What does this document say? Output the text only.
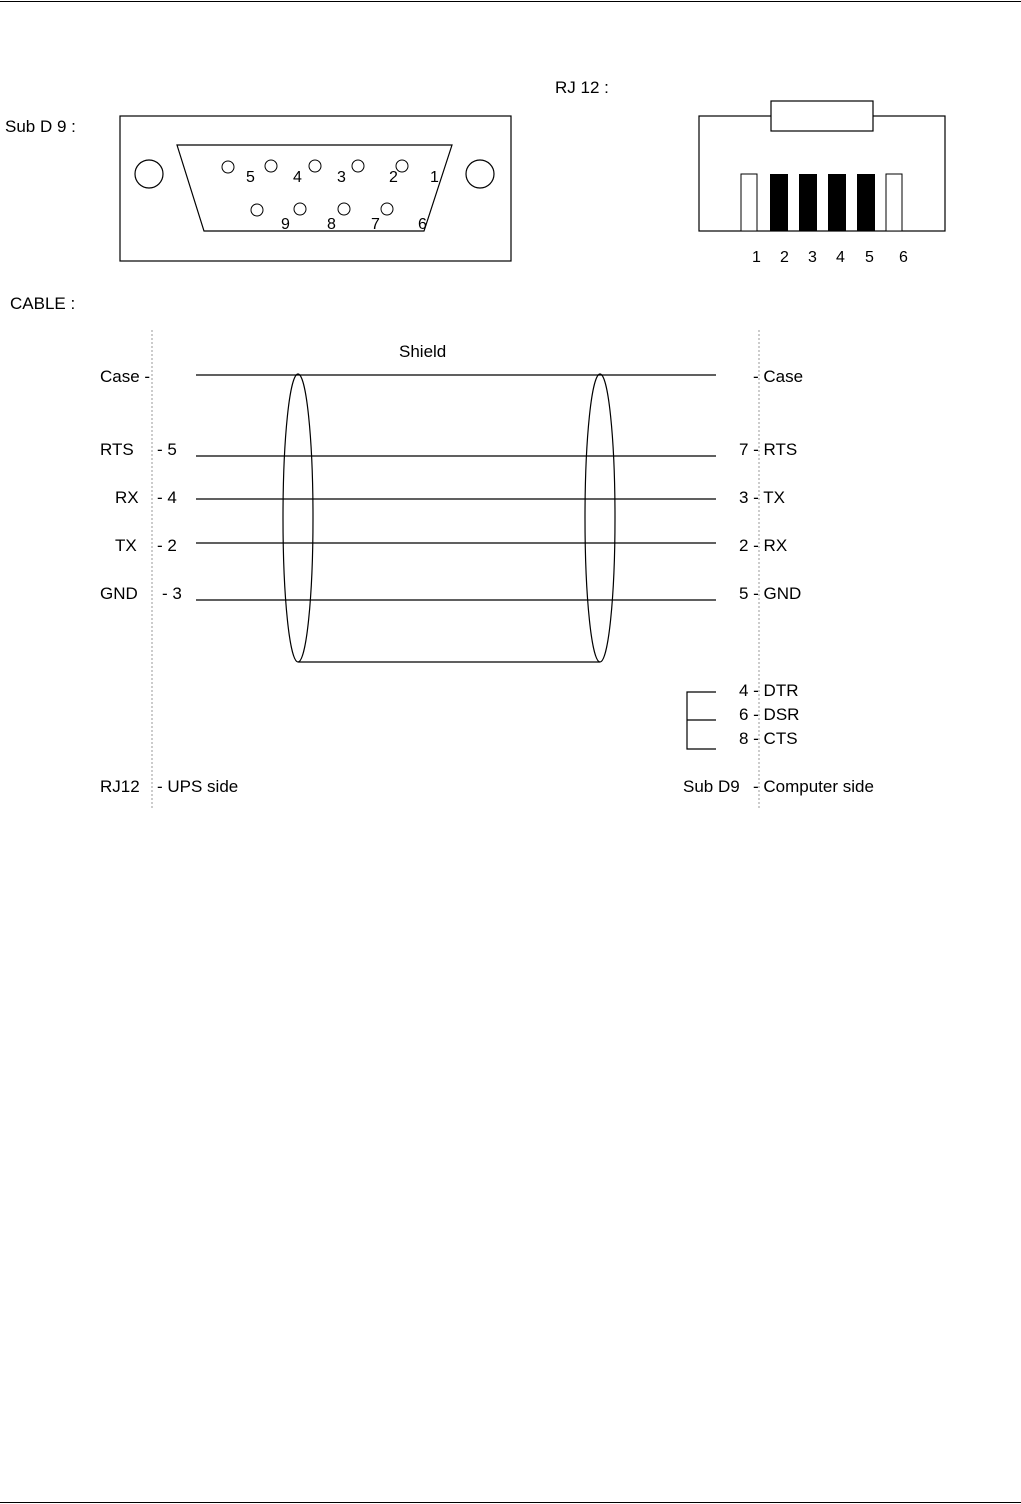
Sub D 9 :
5 4 3	2 1
9 8 7 6
RJ 12 :
1 2 3 4 5 6
CABLE :
Shield
Case -
RTS - 5
RX - 4
TX - 2
GND - 3
- Case
7 - RTS
3 - TX
2 - RX
5 - GND
4 - DTR
6 - DSR
8 - CTS
RJ12 - UPS side	Sub D9 - Computer side
